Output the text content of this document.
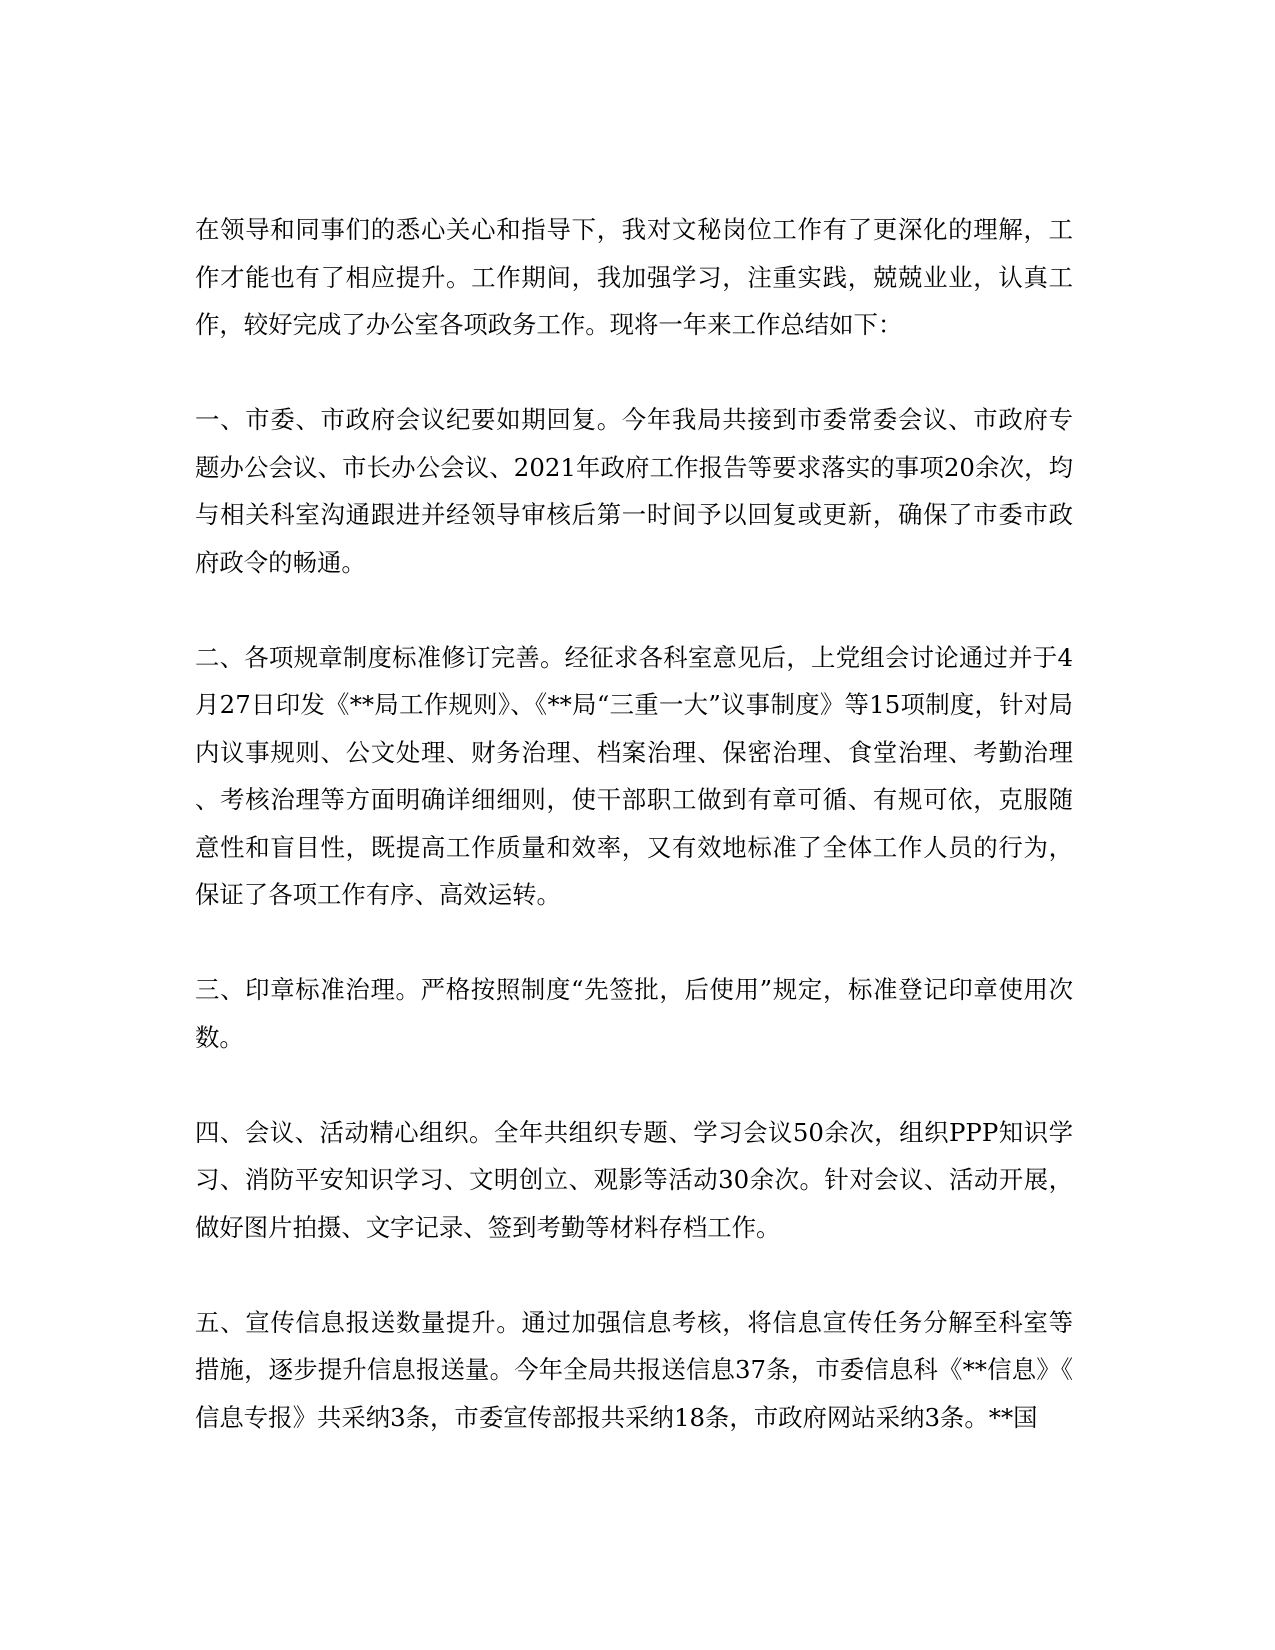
在领导和同事们的悉心关心和指导下，我对文秘岗位工作有了更深化的理解，工作才能也有了相应提升。工作期间，我加强学习，注重实践，兢兢业业，认真工作，较好完成了办公室各项政务工作。现将一年来工作总结如下：

一、市委、市政府会议纪要如期回复。今年我局共接到市委常委会议、市政府专题办公会议、市长办公会议、2021年政府工作报告等要求落实的事项20余次，均与相关科室沟通跟进并经领导审核后第一时间予以回复或更新，确保了市委市政府政令的畅通。

二、各项规章制度标准修订完善。经征求各科室意见后，上党组会讨论通过并于4月27日印发《**局工作规则》、《**局“三重一大”议事制度》等15项制度，针对局内议事规则、公文处理、财务治理、档案治理、保密治理、食堂治理、考勤治理、考核治理等方面明确详细细则，使干部职工做到有章可循、有规可依，克服随意性和盲目性，既提高工作质量和效率，又有效地标准了全体工作人员的行为，保证了各项工作有序、高效运转。

三、印章标准治理。严格按照制度“先签批，后使用”规定，标准登记印章使用次数。

四、会议、活动精心组织。全年共组织专题、学习会议50余次，组织PPP知识学习、消防平安知识学习、文明创立、观影等活动30余次。针对会议、活动开展，做好图片拍摄、文字记录、签到考勤等材料存档工作。

五、宣传信息报送数量提升。通过加强信息考核，将信息宣传任务分解至科室等措施，逐步提升信息报送量。今年全局共报送信息37条，市委信息科《**信息》《信息专报》共采纳3条，市委宣传部报共采纳18条，市政府网站采纳3条。**国
